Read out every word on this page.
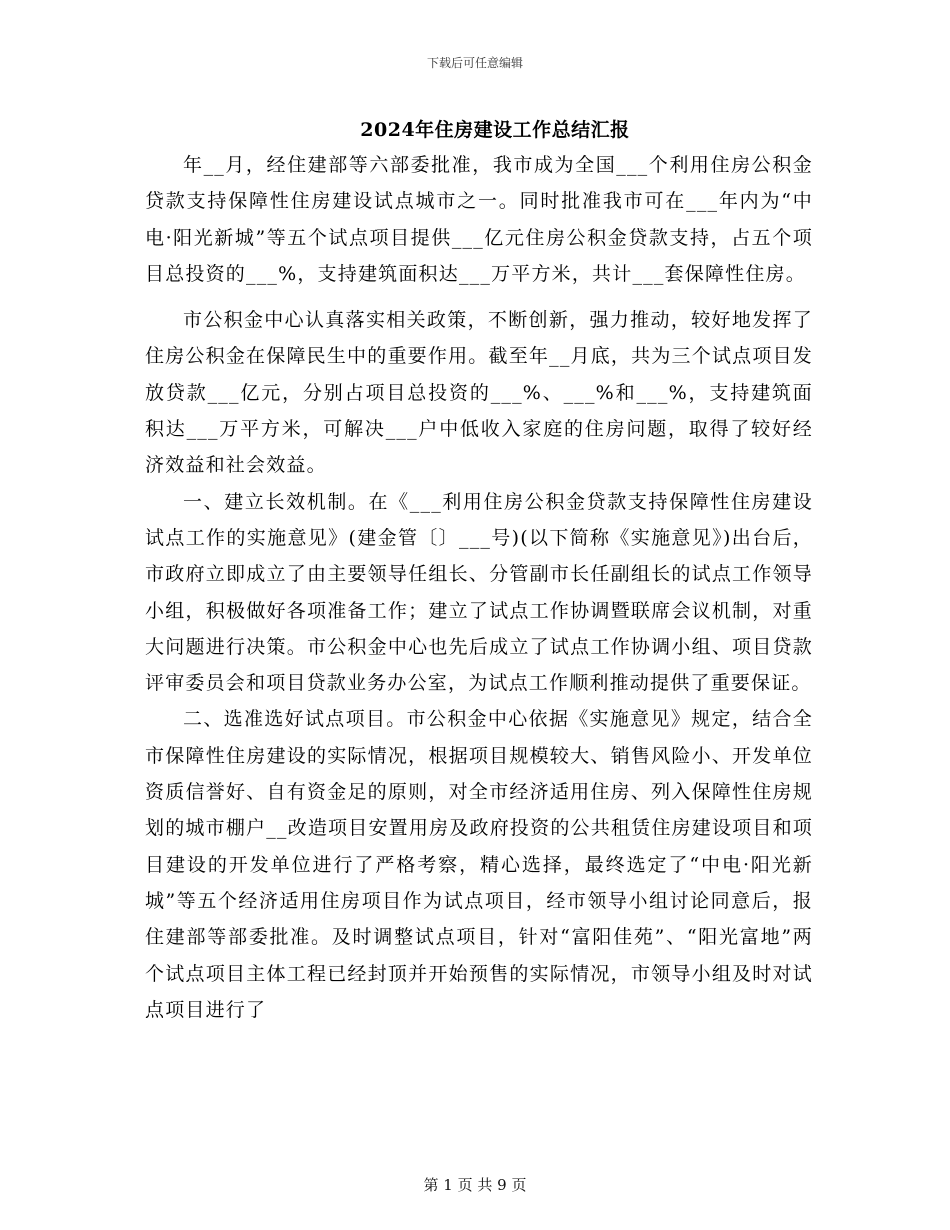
下载后可任意编辑
2024年住房建设工作总结汇报

年__月，经住建部等六部委批准，我市成为全国___个利用住房公积金贷款支持保障性住房建设试点城市之一。同时批准我市可在___年内为“中电·阳光新城”等五个试点项目提供___亿元住房公积金贷款支持，占五个项目总投资的___%，支持建筑面积达___万平方米，共计___套保障性住房。

市公积金中心认真落实相关政策，不断创新，强力推动，较好地发挥了住房公积金在保障民生中的重要作用。截至年__月底，共为三个试点项目发放贷款___亿元，分别占项目总投资的___%、___%和___%，支持建筑面积达___万平方米，可解决___户中低收入家庭的住房问题，取得了较好经济效益和社会效益。

一、建立长效机制。在《___利用住房公积金贷款支持保障性住房建设试点工作的实施意见》(建金管〔〕___号)(以下简称《实施意见》)出台后，市政府立即成立了由主要领导任组长、分管副市长任副组长的试点工作领导小组，积极做好各项准备工作；建立了试点工作协调暨联席会议机制，对重大问题进行决策。市公积金中心也先后成立了试点工作协调小组、项目贷款评审委员会和项目贷款业务办公室，为试点工作顺利推动提供了重要保证。

二、选准选好试点项目。市公积金中心依据《实施意见》规定，结合全市保障性住房建设的实际情况，根据项目规模较大、销售风险小、开发单位资质信誉好、自有资金足的原则，对全市经济适用住房、列入保障性住房规划的城市棚户__改造项目安置用房及政府投资的公共租赁住房建设项目和项目建设的开发单位进行了严格考察，精心选择，最终选定了“中电·阳光新城”等五个经济适用住房项目作为试点项目，经市领导小组讨论同意后，报住建部等部委批准。及时调整试点项目，针对“富阳佳苑”、“阳光富地”两个试点项目主体工程已经封顶并开始预售的实际情况，市领导小组及时对试点项目进行了

第 1 页 共 9 页
